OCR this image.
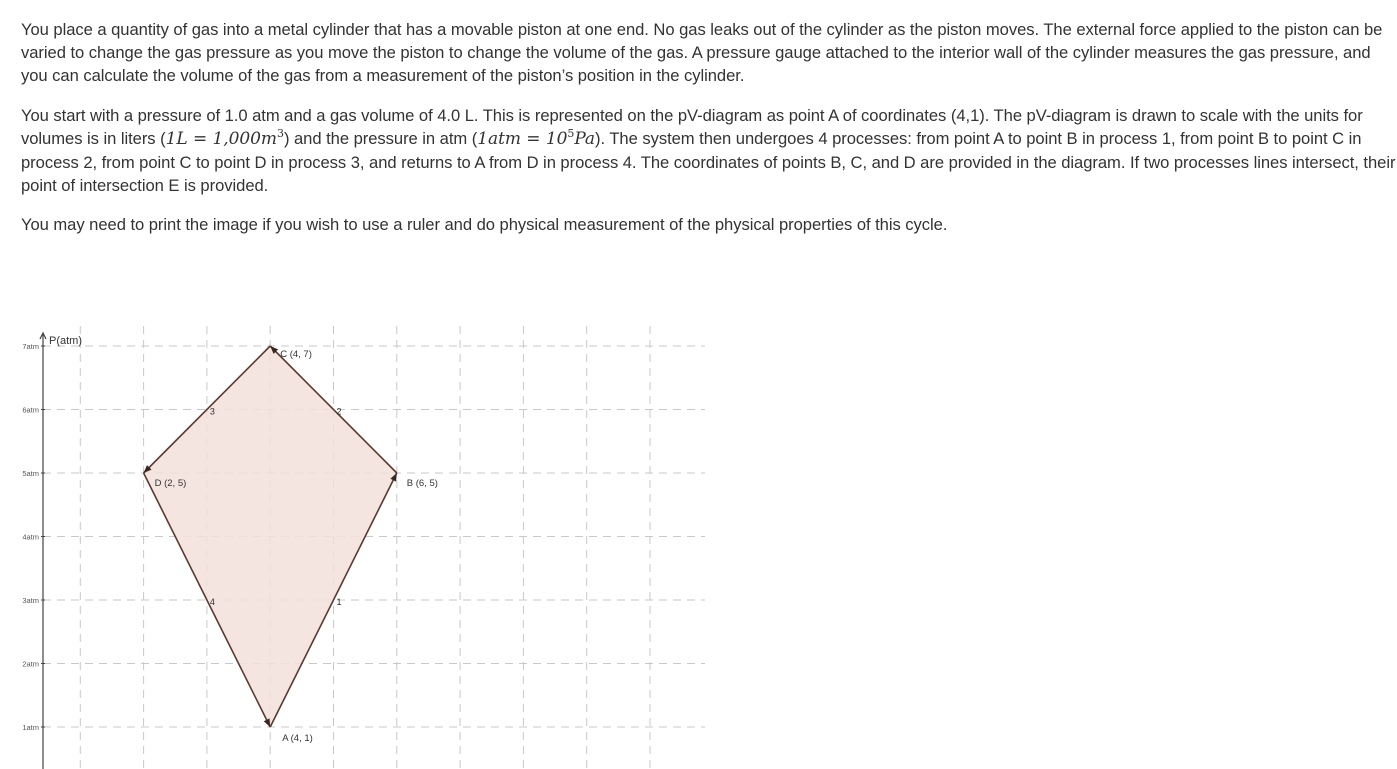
You place a quantity of gas into a metal cylinder that has a movable piston at one end. No gas leaks out of the cylinder as the piston moves. The external force applied to the piston can be varied to change the gas pressure as you move the piston to change the volume of the gas. A pressure gauge attached to the interior wall of the cylinder measures the gas pressure, and you can calculate the volume of the gas from a measurement of the piston’s position in the cylinder.

You start with a pressure of 1.0 atm and a gas volume of 4.0 L. This is represented on the pV-diagram as point A of coordinates (4,1). The pV-diagram is drawn to scale with the units for volumes is in liters $(1L = 1,000m^3)$ and the pressure in atm $(1atm = 10^5Pa)$. The system then undergoes 4 processes: from point A to point B in process 1, from point B to point C in process 2, from point C to point D in process 3, and returns to A from D in process 4. The coordinates of points B, C, and D are provided in the diagram. If two processes lines intersect, their point of intersection E is provided.

You may need to print the image if you wish to use a ruler and do physical measurement of the physical properties of this cycle.

1atm
2atm
3atm
4atm
5atm
6atm
7atm P(atm)
1
2
3
4
A (4, 1)
B (6, 5)
C (4, 7)
D (2, 5)
